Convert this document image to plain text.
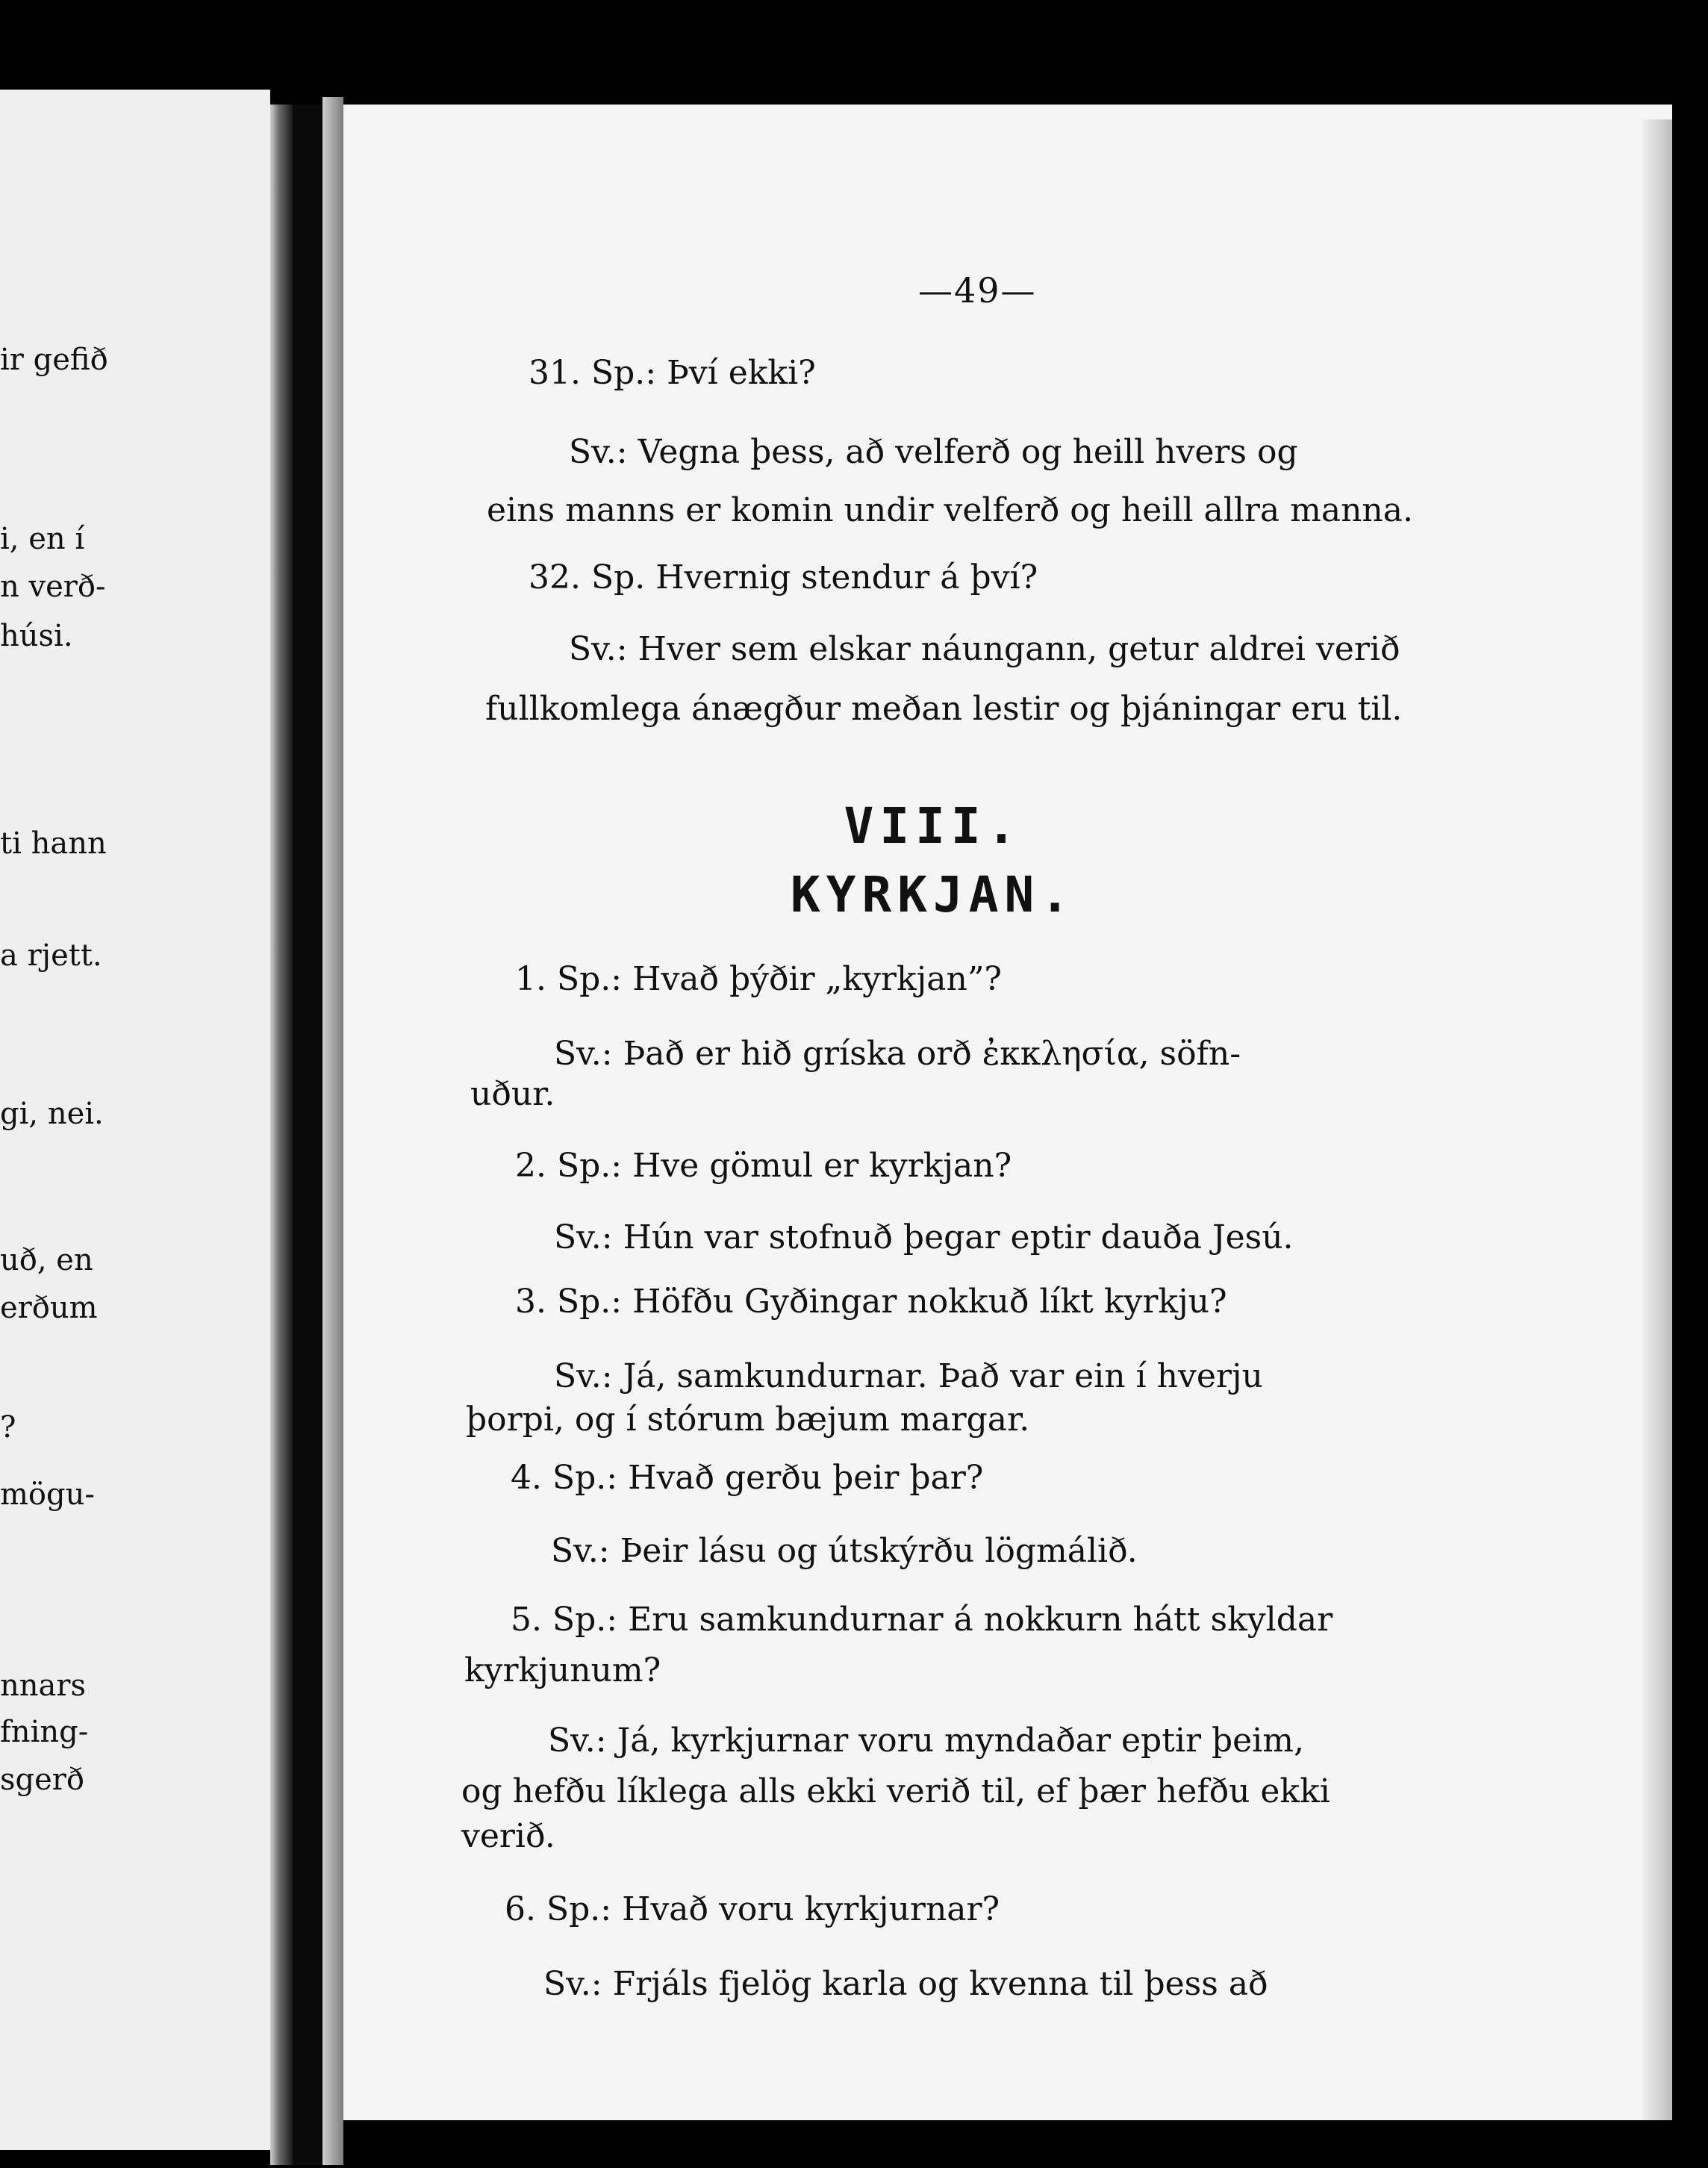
ir gefið
i, en í
n verð-
húsi.
ti hann
a rjett.
gi, nei.
uð, en
erðum
?
mögu-
nnars
fning-
sgerð
—49—
31. Sp.: Því ekki?
Sv.: Vegna þess, að velferð og heill hvers og
eins manns er komin undir velferð og heill allra manna.
32. Sp. Hvernig stendur á því?
Sv.: Hver sem elskar náungann, getur aldrei verið
fullkomlega ánægður meðan lestir og þjáningar eru til.
VIII.
KYRKJAN.
1. Sp.: Hvað þýðir „kyrkjan”?
Sv.: Það er hið gríska orð ἐκκλησία, söfn-
uður.
2. Sp.: Hve gömul er kyrkjan?
Sv.: Hún var stofnuð þegar eptir dauða Jesú.
3. Sp.: Höfðu Gyðingar nokkuð líkt kyrkju?
Sv.: Já, samkundurnar. Það var ein í hverju
þorpi, og í stórum bæjum margar.
4. Sp.: Hvað gerðu þeir þar?
Sv.: Þeir lásu og útskýrðu lögmálið.
5. Sp.: Eru samkundurnar á nokkurn hátt skyldar
kyrkjunum?
Sv.: Já, kyrkjurnar voru myndaðar eptir þeim,
og hefðu líklega alls ekki verið til, ef þær hefðu ekki
verið.
6. Sp.: Hvað voru kyrkjurnar?
Sv.: Frjáls fjelög karla og kvenna til þess að
